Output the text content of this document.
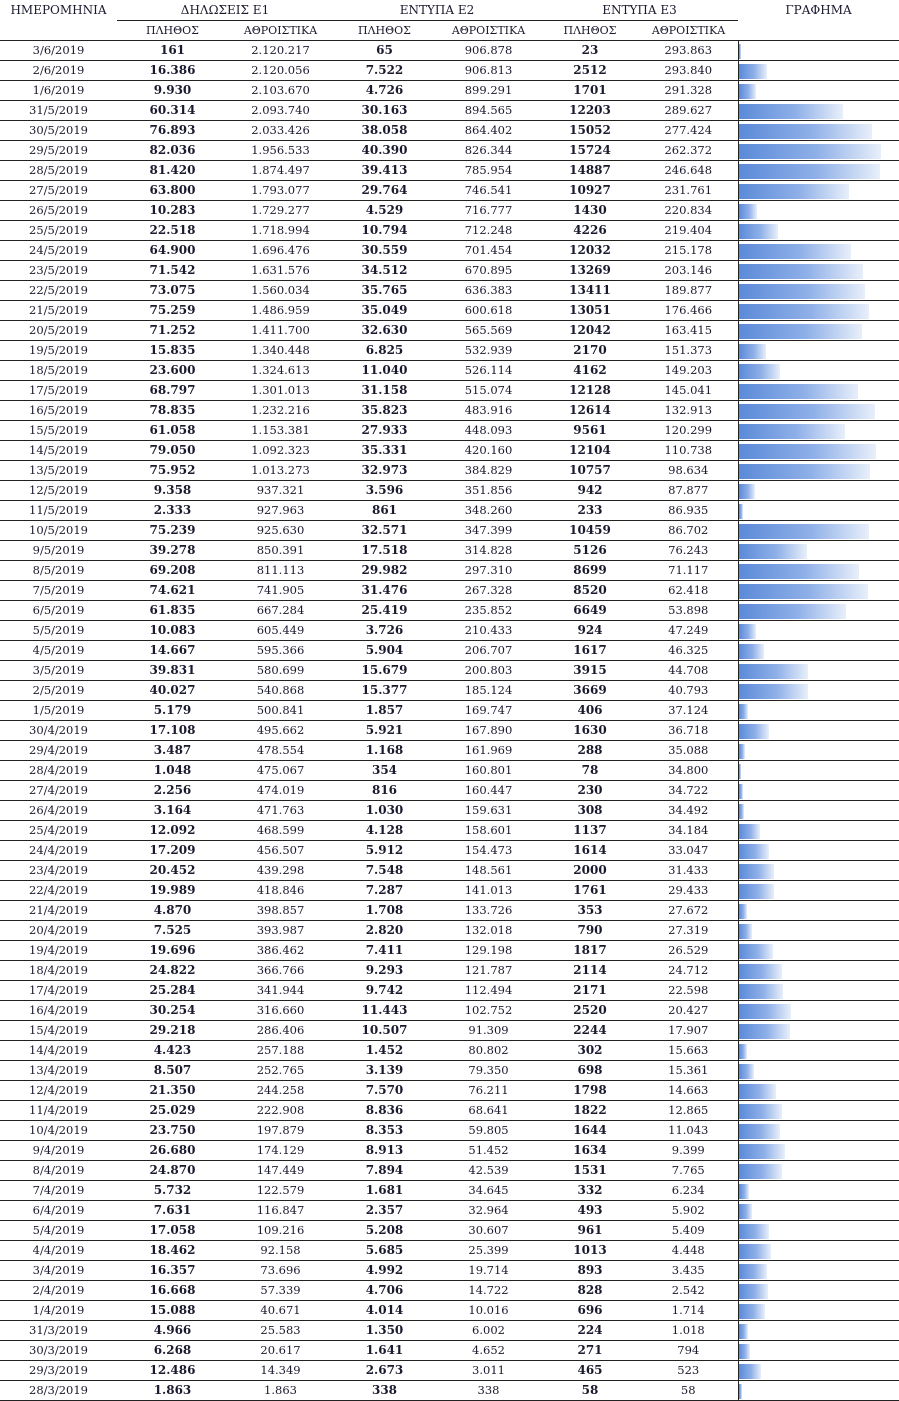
ΗΜΕΡΟΜΗΝΙΑ	ΔΗΛΩΣΕΙΣ Ε1		ΕΝΤΥΠΑ Ε2		ΕΝΤΥΠΑ Ε3		ΓΡΑΦΗΜΑ
	ΠΛΗΘΟΣ	ΑΘΡΟΙΣΤΙΚΑ	ΠΛΗΘΟΣ	ΑΘΡΟΙΣΤΙΚΑ	ΠΛΗΘΟΣ	ΑΘΡΟΙΣΤΙΚΑ	
3/6/2019	161	2.120.217	65	906.878	23	293.863	

2/6/2019	16.386	2.120.056	7.522	906.813	2512	293.840	

1/6/2019	9.930	2.103.670	4.726	899.291	1701	291.328	

31/5/2019	60.314	2.093.740	30.163	894.565	12203	289.627	

30/5/2019	76.893	2.033.426	38.058	864.402	15052	277.424	

29/5/2019	82.036	1.956.533	40.390	826.344	15724	262.372	

28/5/2019	81.420	1.874.497	39.413	785.954	14887	246.648	

27/5/2019	63.800	1.793.077	29.764	746.541	10927	231.761	

26/5/2019	10.283	1.729.277	4.529	716.777	1430	220.834	

25/5/2019	22.518	1.718.994	10.794	712.248	4226	219.404	

24/5/2019	64.900	1.696.476	30.559	701.454	12032	215.178	

23/5/2019	71.542	1.631.576	34.512	670.895	13269	203.146	

22/5/2019	73.075	1.560.034	35.765	636.383	13411	189.877	

21/5/2019	75.259	1.486.959	35.049	600.618	13051	176.466	

20/5/2019	71.252	1.411.700	32.630	565.569	12042	163.415	

19/5/2019	15.835	1.340.448	6.825	532.939	2170	151.373	

18/5/2019	23.600	1.324.613	11.040	526.114	4162	149.203	

17/5/2019	68.797	1.301.013	31.158	515.074	12128	145.041	

16/5/2019	78.835	1.232.216	35.823	483.916	12614	132.913	

15/5/2019	61.058	1.153.381	27.933	448.093	9561	120.299	

14/5/2019	79.050	1.092.323	35.331	420.160	12104	110.738	

13/5/2019	75.952	1.013.273	32.973	384.829	10757	98.634	

12/5/2019	9.358	937.321	3.596	351.856	942	87.877	

11/5/2019	2.333	927.963	861	348.260	233	86.935	

10/5/2019	75.239	925.630	32.571	347.399	10459	86.702	

9/5/2019	39.278	850.391	17.518	314.828	5126	76.243	

8/5/2019	69.208	811.113	29.982	297.310	8699	71.117	

7/5/2019	74.621	741.905	31.476	267.328	8520	62.418	

6/5/2019	61.835	667.284	25.419	235.852	6649	53.898	

5/5/2019	10.083	605.449	3.726	210.433	924	47.249	

4/5/2019	14.667	595.366	5.904	206.707	1617	46.325	

3/5/2019	39.831	580.699	15.679	200.803	3915	44.708	

2/5/2019	40.027	540.868	15.377	185.124	3669	40.793	

1/5/2019	5.179	500.841	1.857	169.747	406	37.124	

30/4/2019	17.108	495.662	5.921	167.890	1630	36.718	

29/4/2019	3.487	478.554	1.168	161.969	288	35.088	

28/4/2019	1.048	475.067	354	160.801	78	34.800	

27/4/2019	2.256	474.019	816	160.447	230	34.722	

26/4/2019	3.164	471.763	1.030	159.631	308	34.492	

25/4/2019	12.092	468.599	4.128	158.601	1137	34.184	

24/4/2019	17.209	456.507	5.912	154.473	1614	33.047	

23/4/2019	20.452	439.298	7.548	148.561	2000	31.433	

22/4/2019	19.989	418.846	7.287	141.013	1761	29.433	

21/4/2019	4.870	398.857	1.708	133.726	353	27.672	

20/4/2019	7.525	393.987	2.820	132.018	790	27.319	

19/4/2019	19.696	386.462	7.411	129.198	1817	26.529	

18/4/2019	24.822	366.766	9.293	121.787	2114	24.712	

17/4/2019	25.284	341.944	9.742	112.494	2171	22.598	

16/4/2019	30.254	316.660	11.443	102.752	2520	20.427	

15/4/2019	29.218	286.406	10.507	91.309	2244	17.907	

14/4/2019	4.423	257.188	1.452	80.802	302	15.663	

13/4/2019	8.507	252.765	3.139	79.350	698	15.361	

12/4/2019	21.350	244.258	7.570	76.211	1798	14.663	

11/4/2019	25.029	222.908	8.836	68.641	1822	12.865	

10/4/2019	23.750	197.879	8.353	59.805	1644	11.043	

9/4/2019	26.680	174.129	8.913	51.452	1634	9.399	

8/4/2019	24.870	147.449	7.894	42.539	1531	7.765	

7/4/2019	5.732	122.579	1.681	34.645	332	6.234	

6/4/2019	7.631	116.847	2.357	32.964	493	5.902	

5/4/2019	17.058	109.216	5.208	30.607	961	5.409	

4/4/2019	18.462	92.158	5.685	25.399	1013	4.448	

3/4/2019	16.357	73.696	4.992	19.714	893	3.435	

2/4/2019	16.668	57.339	4.706	14.722	828	2.542	

1/4/2019	15.088	40.671	4.014	10.016	696	1.714	

31/3/2019	4.966	25.583	1.350	6.002	224	1.018	

30/3/2019	6.268	20.617	1.641	4.652	271	794	

29/3/2019	12.486	14.349	2.673	3.011	465	523	

28/3/2019	1.863	1.863	338	338	58	58	
